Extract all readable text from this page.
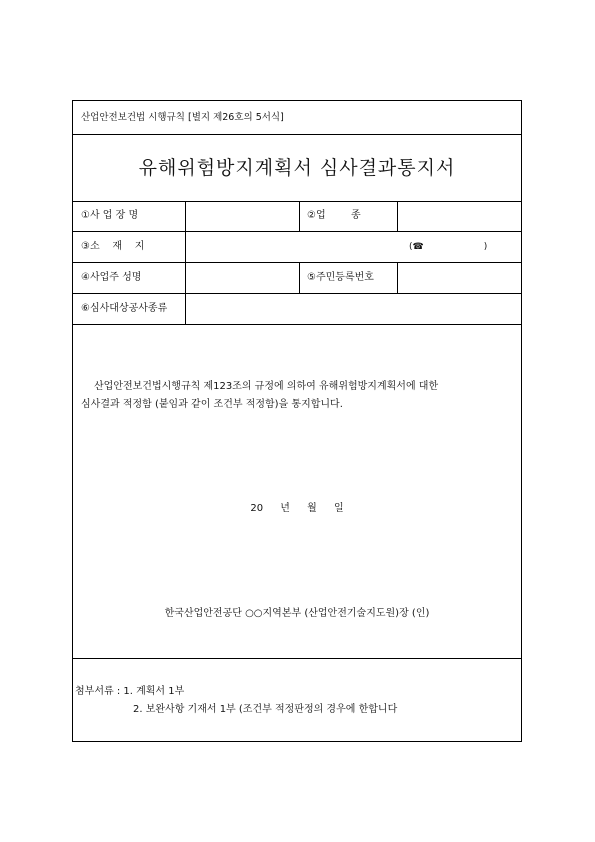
산업안전보건법 시행규칙 [별지 제26호의 5서식]
유해위험방지계획서 심사결과통지서
①사 업 장 명	②업        종
③소    재    지	(☎                     )
④사업주 성명	⑤주민등록번호
⑥심사대상공사종류
산업안전보건법시행규칙 제123조의 규정에 의하여 유해위험방지계획서에 대한
심사결과 적정함 (붙임과 같이 조건부 적정함)을 통지합니다.
20 년 월 일
한국산업안전공단 ○○지역본부 (산업안전기술지도원)장 (인)
첨부서류 : 1. 계획서 1부
2. 보완사항 기재서 1부 (조건부 적정판정의 경우에 한합니다
